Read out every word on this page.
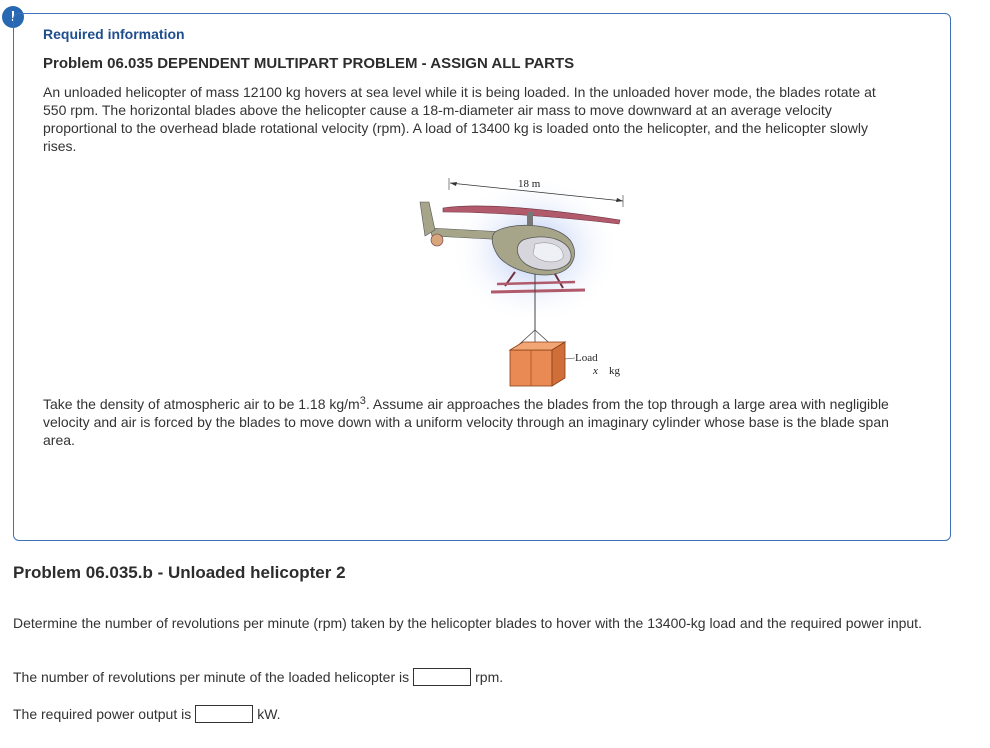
!
Required information
Problem 06.035 DEPENDENT MULTIPART PROBLEM - ASSIGN ALL PARTS
An unloaded helicopter of mass 12100 kg hovers at sea level while it is being loaded. In the unloaded hover mode, the blades rotate at 550 rpm. The horizontal blades above the helicopter cause a 18-m-diameter air mass to move downward at an average velocity proportional to the overhead blade rotational velocity (rpm). A load of 13400 kg is loaded onto the helicopter, and the helicopter slowly rises.
18 m
Load
x kg
Take the density of atmospheric air to be 1.18 $kg/m^3$. Assume air approaches the blades from the top through a large area with negligible velocity and air is forced by the blades to move down with a uniform velocity through an imaginary cylinder whose base is the blade span area.
Problem 06.035.b - Unloaded helicopter 2
Determine the number of revolutions per minute (rpm) taken by the helicopter blades to hover with the 13400-kg load and the required power input.
The number of revolutions per minute of the loaded helicopter is	rpm.
The required power output is	kW.
